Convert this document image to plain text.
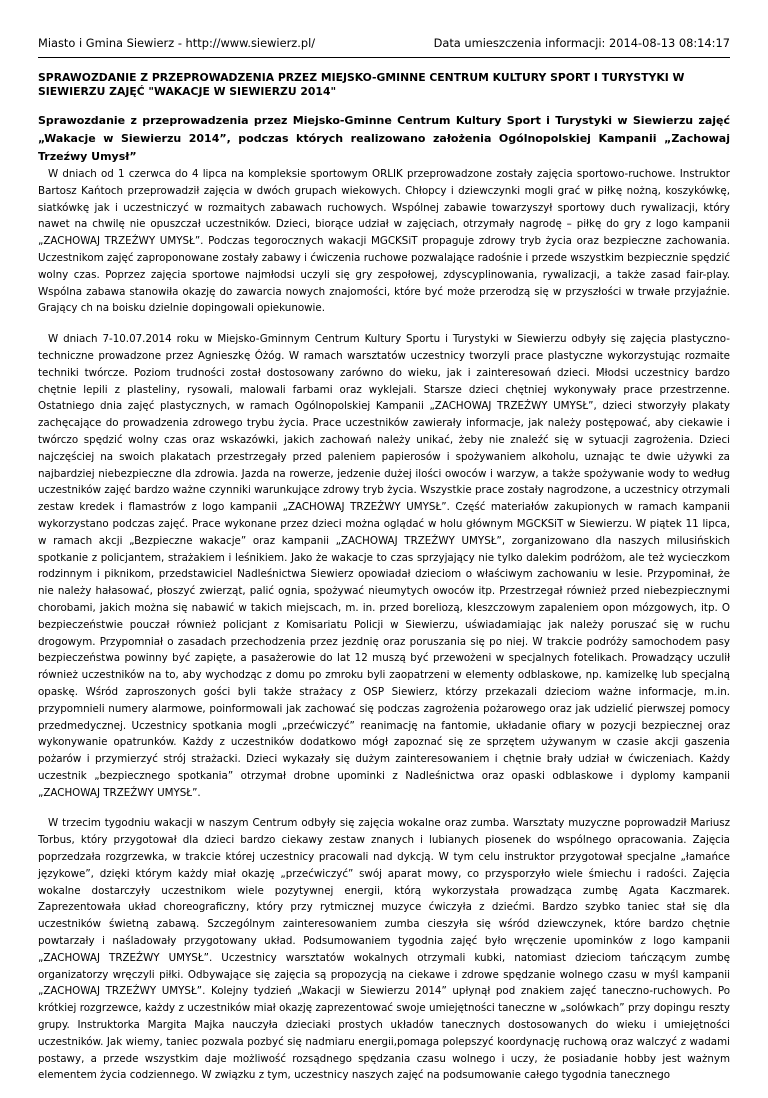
Miasto i Gmina Siewierz - http://www.siewierz.pl/	Data umieszczenia informacji: 2014-08-13 08:14:17
SPRAWOZDANIE Z PRZEPROWADZENIA PRZEZ MIEJSKO-GMINNE CENTRUM KULTURY SPORT I TURYSTYKI W SIEWIERZU ZAJĘĆ "WAKACJE W SIEWIERZU 2014"

Sprawozdanie z przeprowadzenia przez Miejsko-Gminne Centrum Kultury Sport i Turystyki w Siewierzu zajęć „Wakacje w Siewierzu 2014”, podczas których realizowano założenia Ogólnopolskiej Kampanii „Zachowaj Trzeźwy Umysł”

W dniach od 1 czerwca do 4 lipca na kompleksie sportowym ORLIK przeprowadzone zostały zajęcia sportowo-ruchowe. Instruktor Bartosz Kańtoch przeprowadził zajęcia w dwóch grupach wiekowych. Chłopcy i dziewczynki mogli grać w piłkę nożną, koszykówkę, siatkówkę jak i uczestniczyć w rozmaitych zabawach ruchowych. Wspólnej zabawie towarzyszył sportowy duch rywalizacji, który nawet na chwilę nie opuszczał uczestników. Dzieci, biorące udział w zajęciach, otrzymały nagrodę – piłkę do gry z logo kampanii „ZACHOWAJ TRZEŹWY UMYSŁ”. Podczas tegorocznych wakacji MGCKSiT propaguje zdrowy tryb życia oraz bezpieczne zachowania. Uczestnikom zajęć zaproponowane zostały zabawy i ćwiczenia ruchowe pozwalające radośnie i przede wszystkim bezpiecznie spędzić wolny czas. Poprzez zajęcia sportowe najmłodsi uczyli się gry zespołowej, zdyscyplinowania, rywalizacji, a także zasad fair-play. Wspólna zabawa stanowiła okazję do zawarcia nowych znajomości, które być może przerodzą się w przyszłości w trwałe przyjaźnie. Grający ch na boisku dzielnie dopingowali opiekunowie.

W dniach 7-10.07.2014 roku w Miejsko-Gminnym Centrum Kultury Sportu i Turystyki w Siewierzu odbyły się zajęcia plastyczno-techniczne prowadzone przez Agnieszkę Óżóg. W ramach warsztatów uczestnicy tworzyli prace plastyczne wykorzystując rozmaite techniki twórcze. Poziom trudności został dostosowany zarówno do wieku, jak i zainteresowań dzieci. Młodsi uczestnicy bardzo chętnie lepili z plasteliny, rysowali, malowali farbami oraz wyklejali. Starsze dzieci chętniej wykonywały prace przestrzenne. Ostatniego dnia zajęć plastycznych, w ramach Ogólnopolskiej Kampanii „ZACHOWAJ TRZEŹWY UMYSŁ”, dzieci stworzyły plakaty zachęcające do prowadzenia zdrowego trybu życia. Prace uczestników zawierały informacje, jak należy postępować, aby ciekawie i twórczo spędzić wolny czas oraz wskazówki, jakich zachowań należy unikać, żeby nie znaleźć się w sytuacji zagrożenia. Dzieci najczęściej na swoich plakatach przestrzegały przed paleniem papierosów i spożywaniem alkoholu, uznając te dwie używki za najbardziej niebezpieczne dla zdrowia. Jazda na rowerze, jedzenie dużej ilości owoców i warzyw, a także spożywanie wody to według uczestników zajęć bardzo ważne czynniki warunkujące zdrowy tryb życia. Wszystkie prace zostały nagrodzone, a uczestnicy otrzymali zestaw kredek i flamastrów z logo kampanii „ZACHOWAJ TRZEŹWY UMYSŁ”. Część materiałów zakupionych w ramach kampanii wykorzystano podczas zajęć. Prace wykonane przez dzieci można oglądać w holu głównym MGCKSiT w Siewierzu. W piątek 11 lipca, w ramach akcji „Bezpieczne wakacje” oraz kampanii „ZACHOWAJ TRZEŹWY UMYSŁ”, zorganizowano dla naszych milusińskich spotkanie z policjantem, strażakiem i leśnikiem. Jako że wakacje to czas sprzyjający nie tylko dalekim podróżom, ale też wycieczkom rodzinnym i piknikom, przedstawiciel Nadleśnictwa Siewierz opowiadał dzieciom o właściwym zachowaniu w lesie. Przypominał, że nie należy hałasować, płoszyć zwierząt, palić ognia, spożywać nieumytych owoców itp. Przestrzegał również przed niebezpiecznymi chorobami, jakich można się nabawić w takich miejscach, m. in. przed boreliozą, kleszczowym zapaleniem opon mózgowych, itp. O bezpieczeństwie pouczał również policjant z Komisariatu Policji w Siewierzu, uświadamiając jak należy poruszać się w ruchu drogowym. Przypomniał o zasadach przechodzenia przez jezdnię oraz poruszania się po niej. W trakcie podróży samochodem pasy bezpieczeństwa powinny być zapięte, a pasażerowie do lat 12 muszą być przewożeni w specjalnych fotelikach. Prowadzący uczulił również uczestników na to, aby wychodząc z domu po zmroku byli zaopatrzeni w elementy odblaskowe, np. kamizelkę lub specjalną opaskę. Wśród zaproszonych gości byli także strażacy z OSP Siewierz, którzy przekazali dzieciom ważne informacje, m.in. przypomnieli numery alarmowe, poinformowali jak zachować się podczas zagrożenia pożarowego oraz jak udzielić pierwszej pomocy przedmedycznej. Uczestnicy spotkania mogli „przećwiczyć” reanimację na fantomie, układanie ofiary w pozycji bezpiecznej oraz wykonywanie opatrunków. Każdy z uczestników dodatkowo mógł zapoznać się ze sprzętem używanym w czasie akcji gaszenia pożarów i przymierzyć strój strażacki. Dzieci wykazały się dużym zainteresowaniem i chętnie brały udział w ćwiczeniach. Każdy uczestnik „bezpiecznego spotkania” otrzymał drobne upominki z Nadleśnictwa oraz opaski odblaskowe i dyplomy kampanii „ZACHOWAJ TRZEŹWY UMYSŁ”.

W trzecim tygodniu wakacji w naszym Centrum odbyły się zajęcia wokalne oraz zumba. Warsztaty muzyczne poprowadził Mariusz Torbus, który przygotował dla dzieci bardzo ciekawy zestaw znanych i lubianych piosenek do wspólnego opracowania. Zajęcia poprzedzała rozgrzewka, w trakcie której uczestnicy pracowali nad dykcją. W tym celu instruktor przygotował specjalne „łamańce językowe”, dzięki którym każdy miał okazję „przećwiczyć” swój aparat mowy, co przysporzyło wiele śmiechu i radości. Zajęcia wokalne dostarczyły uczestnikom wiele pozytywnej energii, którą wykorzystała prowadząca zumbę Agata Kaczmarek. Zaprezentowała układ choreograficzny, który przy rytmicznej muzyce ćwiczyła z dziećmi. Bardzo szybko taniec stał się dla uczestników świetną zabawą. Szczególnym zainteresowaniem zumba cieszyła się wśród dziewczynek, które bardzo chętnie powtarzały i naśladowały przygotowany układ. Podsumowaniem tygodnia zajęć było wręczenie upominków z logo kampanii „ZACHOWAJ TRZEŹWY UMYSŁ”. Uczestnicy warsztatów wokalnych otrzymali kubki, natomiast dzieciom tańczącym zumbę organizatorzy wręczyli piłki. Odbywające się zajęcia są propozycją na ciekawe i zdrowe spędzanie wolnego czasu w myśl kampanii „ZACHOWAJ TRZEŹWY UMYSŁ”. Kolejny tydzień „Wakacji w Siewierzu 2014” upłynął pod znakiem zajęć taneczno-ruchowych. Po krótkiej rozgrzewce, każdy z uczestników miał okazję zaprezentować swoje umiejętności taneczne w „solówkach” przy dopingu reszty grupy. Instruktorka Margita Majka nauczyła dzieciaki prostych układów tanecznych dostosowanych do wieku i umiejętności uczestników. Jak wiemy, taniec pozwala pozbyć się nadmiaru energii,pomaga polepszyć koordynację ruchową oraz walczyć z wadami postawy, a przede wszystkim daje możliwość rozsądnego spędzania czasu wolnego i uczy, że posiadanie hobby jest ważnym elementem życia codziennego. W związku z tym, uczestnicy naszych zajęć na podsumowanie całego tygodnia tanecznego
